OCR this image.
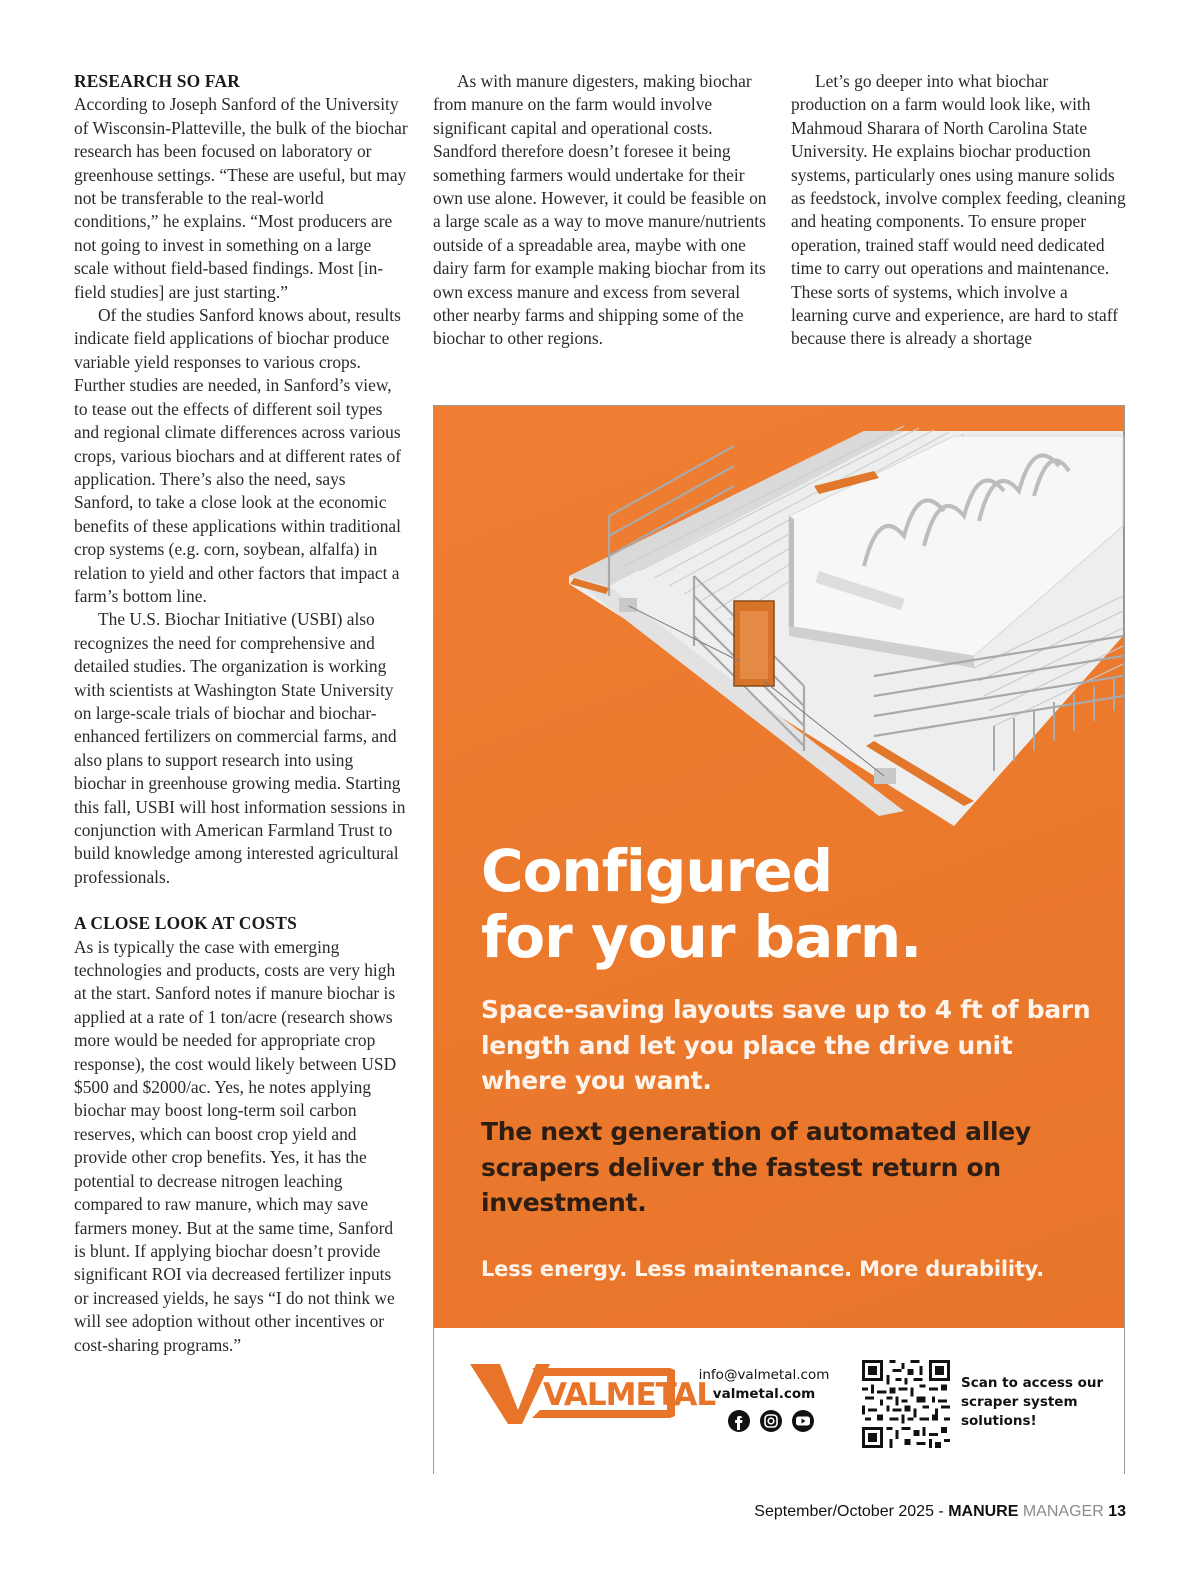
RESEARCH SO FAR

According to Joseph Sanford of the University of Wisconsin-Platteville, the bulk of the biochar research has been focused on laboratory or greenhouse settings. “These are useful, but may not be transferable to the real-world conditions,” he explains. “Most producers are not going to invest in something on a large scale without field-based findings. Most [in-field studies] are just starting.”

Of the studies Sanford knows about, results indicate field applications of biochar produce variable yield responses to various crops. Further studies are needed, in Sanford’s view, to tease out the effects of different soil types and regional climate differences across various crops, various biochars and at different rates of application. There’s also the need, says Sanford, to take a close look at the economic benefits of these applications within traditional crop systems (e.g. corn, soybean, alfalfa) in relation to yield and other factors that impact a farm’s bottom line.

The U.S. Biochar Initiative (USBI) also recognizes the need for comprehensive and detailed studies. The organization is working with scientists at Washington State University on large-scale trials of biochar and biochar-enhanced fertilizers on commercial farms, and also plans to support research into using biochar in greenhouse growing media. Starting this fall, USBI will host information sessions in conjunction with American Farmland Trust to build knowledge among interested agricultural professionals.

A CLOSE LOOK AT COSTS

As is typically the case with emerging technologies and products, costs are very high at the start. Sanford notes if manure biochar is applied at a rate of 1 ton/acre (research shows more would be needed for appropriate crop response), the cost would likely between USD $500 and $2000/ac. Yes, he notes applying biochar may boost long-term soil carbon reserves, which can boost crop yield and provide other crop benefits. Yes, it has the potential to decrease nitrogen leaching compared to raw manure, which may save farmers money. But at the same time, Sanford is blunt. If applying biochar doesn’t provide significant ROI via decreased fertilizer inputs or increased yields, he says “I do not think we will see adoption without other incentives or cost-sharing programs.”

As with manure digesters, making biochar from manure on the farm would involve significant capital and operational costs. Sandford therefore doesn’t foresee it being something farmers would undertake for their own use alone. However, it could be feasible on a large scale as a way to move manure/nutrients outside of a spreadable area, maybe with one dairy farm for example making biochar from its own excess manure and excess from several other nearby farms and shipping some of the biochar to other regions.

Let’s go deeper into what biochar production on a farm would look like, with Mahmoud Sharara of North Carolina State University. He explains biochar production systems, particularly ones using manure solids as feedstock, involve complex feeding, cleaning and heating components. To ensure proper operation, trained staff would need dedicated time to carry out operations and maintenance. These sorts of systems, which involve a learning curve and experience, are hard to staff because there is already a shortage

Configured
for your barn.
Space-saving layouts save up to 4 ft of barn length and let you place the drive unit where you want.
The next generation of automated alley scrapers deliver the fastest return on investment.
Less energy. Less maintenance. More durability.
VALMETAL
info@valmetal.com
valmetal.com
Scan to access our scraper system solutions!
September/October 2025 - MANURE MANAGER 13
